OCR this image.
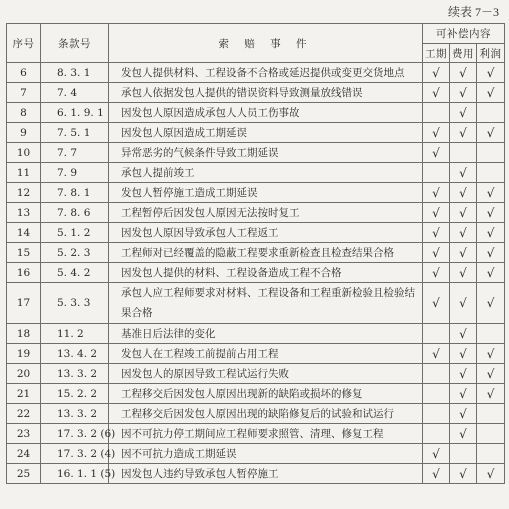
续表 7－3
序号	条款号	索 赔 事 件	可补偿内容		
			工期	费用	利润
6	8. 3. 1	发包人提供材料、工程设备不合格或延迟提供或变更交货地点	√	√	√
7	7. 4	承包人依据发包人提供的错误资料导致测量放线错误	√	√	√
8	6. 1. 9. 1	因发包人原因造成承包人人员工伤事故		√	
9	7. 5. 1	因发包人原因造成工期延误	√	√	√
10	7. 7	异常恶劣的气候条件导致工期延误	√		
11	7. 9	承包人提前竣工		√	
12	7. 8. 1	发包人暂停施工造成工期延误	√	√	√
13	7. 8. 6	工程暂停后因发包人原因无法按时复工	√	√	√
14	5. 1. 2	因发包人原因导致承包人工程返工	√	√	√
15	5. 2. 3	工程师对已经覆盖的隐蔽工程要求重新检查且检查结果合格	√	√	√
16	5. 4. 2	因发包人提供的材料、工程设备造成工程不合格	√	√	√
17	5. 3. 3	承包人应工程师要求对材料、工程设备和工程重新检验且检验结果合格	√	√	√
18	11. 2	基准日后法律的变化		√	
19	13. 4. 2	发包人在工程竣工前提前占用工程	√	√	√
20	13. 3. 2	因发包人的原因导致工程试运行失败		√	√
21	15. 2. 2	工程移交后因发包人原因出现新的缺陷或损坏的修复		√	√
22	13. 3. 2	工程移交后因发包人原因出现的缺陷修复后的试验和试运行		√	
23	17. 3. 2 (6)	因不可抗力停工期间应工程师要求照管、清理、修复工程		√	
24	17. 3. 2 (4)	因不可抗力造成工期延误	√		
25	16. 1. 1 (5)	因发包人违约导致承包人暂停施工	√	√	√
